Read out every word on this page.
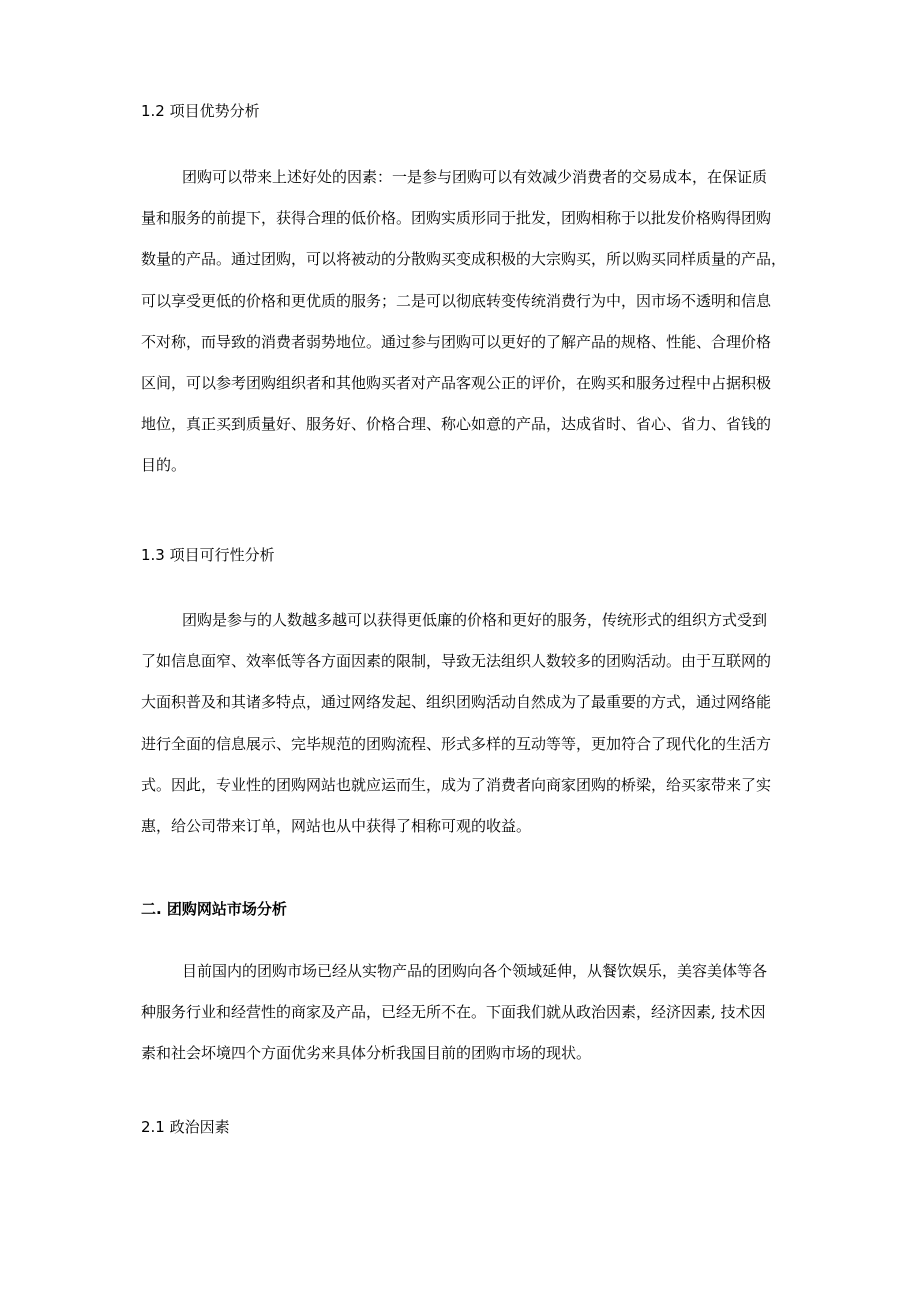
1.2 项目优势分析
团购可以带来上述好处的因素：一是参与团购可以有效减少消费者的交易成本，在保证质
量和服务的前提下，获得合理的低价格。团购实质形同于批发，团购相称于以批发价格购得团购
数量的产品。通过团购，可以将被动的分散购买变成积极的大宗购买，所以购买同样质量的产品，
可以享受更低的价格和更优质的服务；二是可以彻底转变传统消费行为中，因市场不透明和信息
不对称，而导致的消费者弱势地位。通过参与团购可以更好的了解产品的规格、性能、合理价格
区间，可以参考团购组织者和其他购买者对产品客观公正的评价，在购买和服务过程中占据积极
地位，真正买到质量好、服务好、价格合理、称心如意的产品，达成省时、省心、省力、省钱的
目的。
1.3 项目可行性分析
团购是参与的人数越多越可以获得更低廉的价格和更好的服务，传统形式的组织方式受到
了如信息面窄、效率低等各方面因素的限制，导致无法组织人数较多的团购活动。由于互联网的
大面积普及和其诸多特点，通过网络发起、组织团购活动自然成为了最重要的方式，通过网络能
进行全面的信息展示、完毕规范的团购流程、形式多样的互动等等，更加符合了现代化的生活方
式。因此，专业性的团购网站也就应运而生，成为了消费者向商家团购的桥梁，给买家带来了实
惠，给公司带来订单，网站也从中获得了相称可观的收益。
二. 团购网站市场分析
目前国内的团购市场已经从实物产品的团购向各个领域延伸，从餐饮娱乐，美容美体等各
种服务行业和经营性的商家及产品，已经无所不在。下面我们就从政治因素，经济因素, 技术因
素和社会坏境四个方面优劣来具体分析我国目前的团购市场的现状。
2.1 政治因素
